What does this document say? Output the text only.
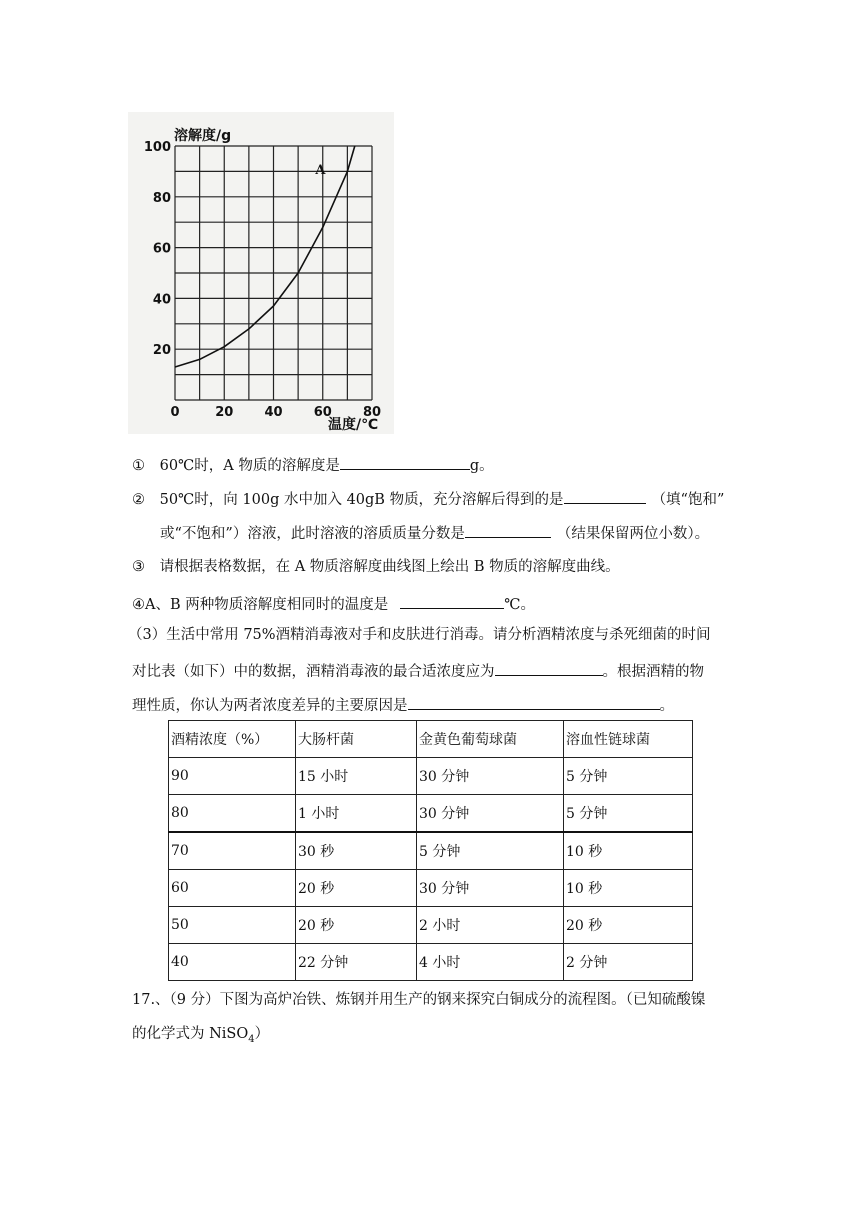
0	20 40 60 80
20
40
60
80
100
A
溶解度/g
温度/℃
① 60℃时，A 物质的溶解度是	g。
② 50℃时，向 100g 水中加入 40gB 物质，充分溶解后得到的是	（填“饱和”
或“不饱和”）溶液，此时溶液的溶质质量分数是	（结果保留两位小数）。
③ 请根据表格数据，在 A 物质溶解度曲线图上绘出 B 物质的溶解度曲线。
④A、B 两种物质溶解度相同时的温度是	℃。
（3）生活中常用 75%酒精消毒液对手和皮肤进行消毒。请分析酒精浓度与杀死细菌的时间
对比表（如下）中的数据，酒精消毒液的最合适浓度应为	。根据酒精的物
理性质，你认为两者浓度差异的主要原因是	。
酒精浓度（%）	大肠杆菌	金黄色葡萄球菌	溶血性链球菌
90	15 小时	30 分钟	5 分钟
80	1 小时	30 分钟	5 分钟
70	30 秒	5 分钟	10 秒
60	20 秒	30 分钟	10 秒
50	20 秒	2 小时	20 秒
40	22 分钟	4 小时	2 分钟
17.、（9 分）下图为高炉冶铁、炼钢并用生产的钢来探究白铜成分的流程图。（已知硫酸镍
的化学式为 NiSO$_4$）
